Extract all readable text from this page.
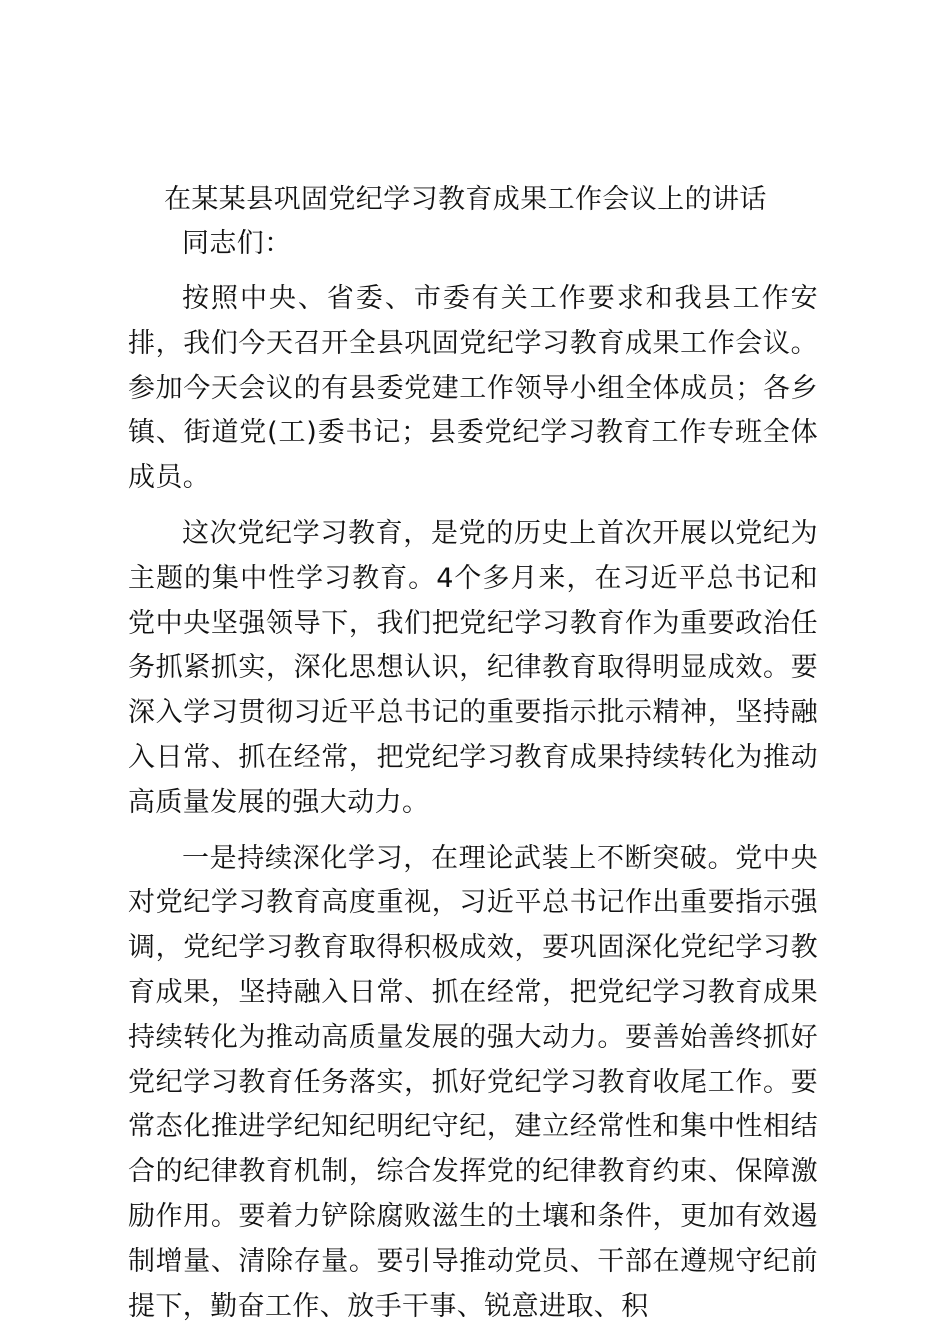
在某某县巩固党纪学习教育成果工作会议上的讲话

同志们：

按照中央、省委、市委有关工作要求和我县工作安排，我们今天召开全县巩固党纪学习教育成果工作会议。参加今天会议的有县委党建工作领导小组全体成员；各乡镇、街道党(工)委书记；县委党纪学习教育工作专班全体成员。

这次党纪学习教育，是党的历史上首次开展以党纪为主题的集中性学习教育。4个多月来，在习近平总书记和党中央坚强领导下，我们把党纪学习教育作为重要政治任务抓紧抓实，深化思想认识，纪律教育取得明显成效。要深入学习贯彻习近平总书记的重要指示批示精神，坚持融入日常、抓在经常，把党纪学习教育成果持续转化为推动高质量发展的强大动力。

一是持续深化学习，在理论武装上不断突破。党中央对党纪学习教育高度重视，习近平总书记作出重要指示强调，党纪学习教育取得积极成效，要巩固深化党纪学习教育成果，坚持融入日常、抓在经常，把党纪学习教育成果持续转化为推动高质量发展的强大动力。要善始善终抓好党纪学习教育任务落实，抓好党纪学习教育收尾工作。要常态化推进学纪知纪明纪守纪，建立经常性和集中性相结合的纪律教育机制，综合发挥党的纪律教育约束、保障激励作用。要着力铲除腐败滋生的土壤和条件，更加有效遏制增量、清除存量。要引导推动党员、干部在遵规守纪前提下，勤奋工作、放手干事、锐意进取、积
